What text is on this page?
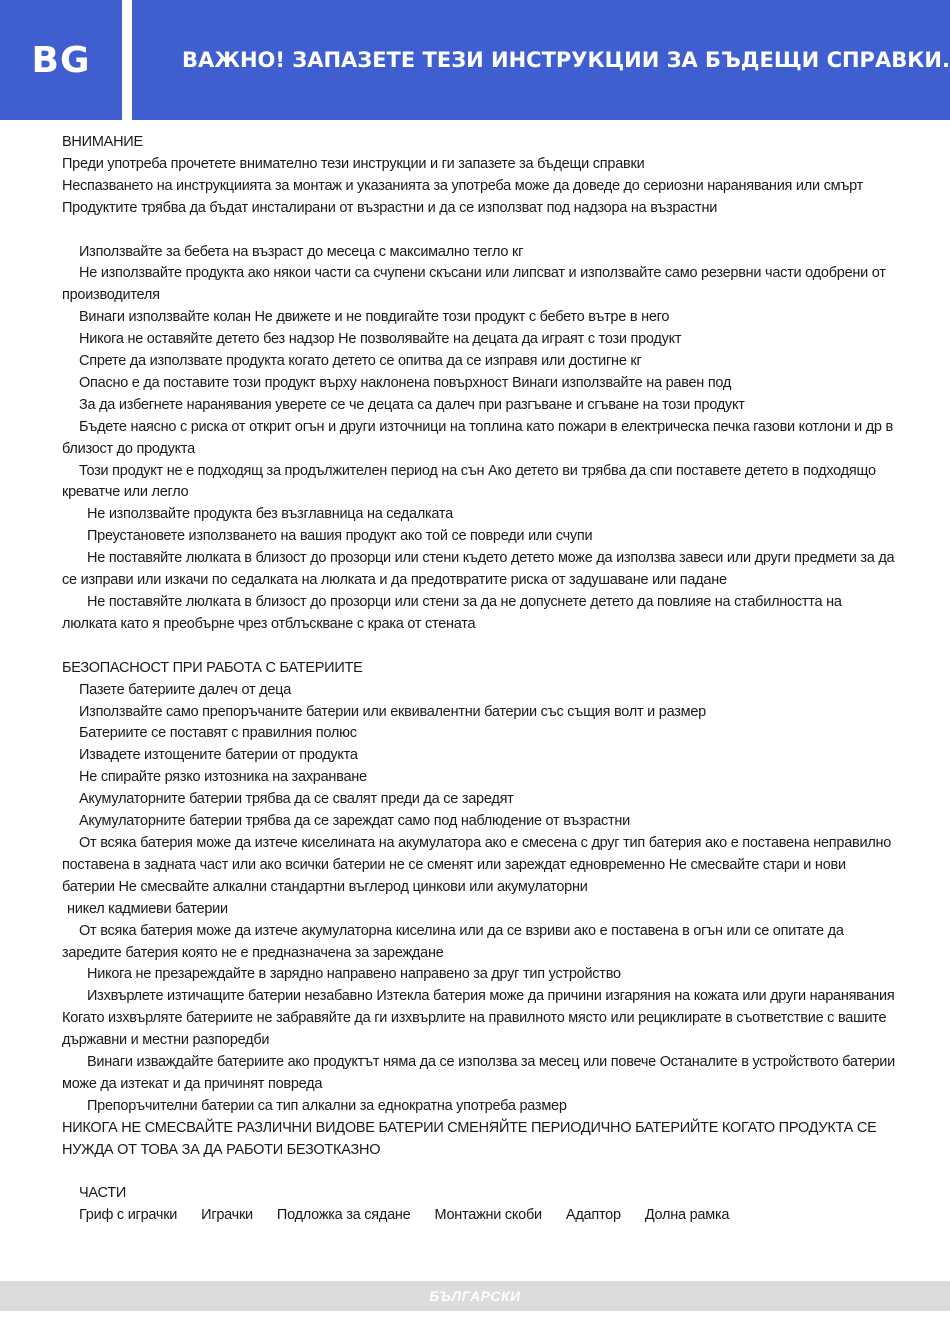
BG	ВАЖНО! ЗАПАЗЕТЕ ТЕЗИ ИНСТРУКЦИИ ЗА БЪДЕЩИ СПРАВКИ.

ВНИМАНИЕ

Преди употреба прочетете внимателно тези инструкции и ги запазете за бъдещи справки

Неспазването на инструкциията за монтаж и указанията за употреба може да доведе до сериозни наранявания или смърт

Продуктите трябва да бъдат инсталирани от възрастни и да се използват под надзора на възрастни

Използвайте за бебета на възраст до месеца с максимално тегло кг

Не използвайте продукта ако някои части са счупени скъсани или липсват и използвайте само резервни части одобрени от производителя

Винаги използвайте колан Не движете и не повдигайте този продукт с бебето вътре в него

Никога не оставяйте детето без надзор Не позволявайте на децата да играят с този продукт

Спрете да използвате продукта когато детето се опитва да се изправя или достигне кг

Опасно е да поставите този продукт върху наклонена повърхност Винаги използвайте на равен под

За да избегнете наранявания уверете се че децата са далеч при разгъване и сгъване на този продукт

Бъдете наясно с риска от открит огън и други източници на топлина като пожари в електрическа печка газови котлони и др в близост до продукта

Този продукт не е подходящ за продължителен период на сън Ако детето ви трябва да спи поставете детето в подходящо креватче или легло

Не използвайте продукта без възглавница на седалката

Преустановете използването на вашия продукт ако той се повреди или счупи

Не поставяйте люлката в близост до прозорци или стени където детето може да използва завеси или други предмети за да се изправи или изкачи по седалката на люлката и да предотвратите риска от задушаване или падане

Не поставяйте люлката в близост до прозорци или стени за да не допуснете детето да повлияе на стабилността на люлката като я преобърне чрез отблъскване с крака от стената

БЕЗОПАСНОСТ ПРИ РАБОТА С БАТЕРИИТЕ

Пазете батериите далеч от деца

Използвайте само препоръчаните батерии или еквивалентни батерии със същия волт и размер

Батериите се поставят с правилния полюс

Извадете изтощените батерии от продукта

Не спирайте рязко изтозника на захранване

Акумулаторните батерии трябва да се свалят преди да се заредят

Акумулаторните батерии трябва да се зареждат само под наблюдение от възрастни

От всяка батерия може да изтече киселината на акумулатора ако е смесена с друг тип батерия ако е поставена неправилно поставена в задната част или ако всички батерии не се сменят или зареждат едновременно Не смесвайте стари и нови батерии Не смесвайте алкални стандартни въглерод цинкови или акумулаторни

никел кадмиеви батерии

От всяка батерия може да изтече акумулаторна киселина или да се взриви ако е поставена в огън или се опитате да заредите батерия която не е предназначена за зареждане

Никога не презареждайте в зарядно направено направено за друг тип устройство

Изхвърлете изтичащите батерии незабавно Изтекла батерия може да причини изгаряния на кожата или други наранявания Когато изхвърляте батериите не забравяйте да ги изхвърлите на правилното място или рециклирате в съответствие с вашите държавни и местни разпоредби

Винаги изваждайте батериите ако продуктът няма да се използва за месец или повече Останалите в устройството батерии може да изтекат и да причинят повреда

Препоръчителни батерии са тип алкални за еднократна употреба размер

НИКОГА НЕ СМЕСВАЙТЕ РАЗЛИЧНИ ВИДОВЕ БАТЕРИИ СМЕНЯЙТЕ ПЕРИОДИЧНО БАТЕРИЙТЕ КОГАТО ПРОДУКТА СЕ НУЖДА ОТ ТОВА ЗА ДА РАБОТИ БЕЗОТКАЗНО

ЧАСТИ

Гриф с играчки Играчки Подложка за сядане Монтажни скоби Адаптор Долна рамка
БЪЛГАРСКИ
